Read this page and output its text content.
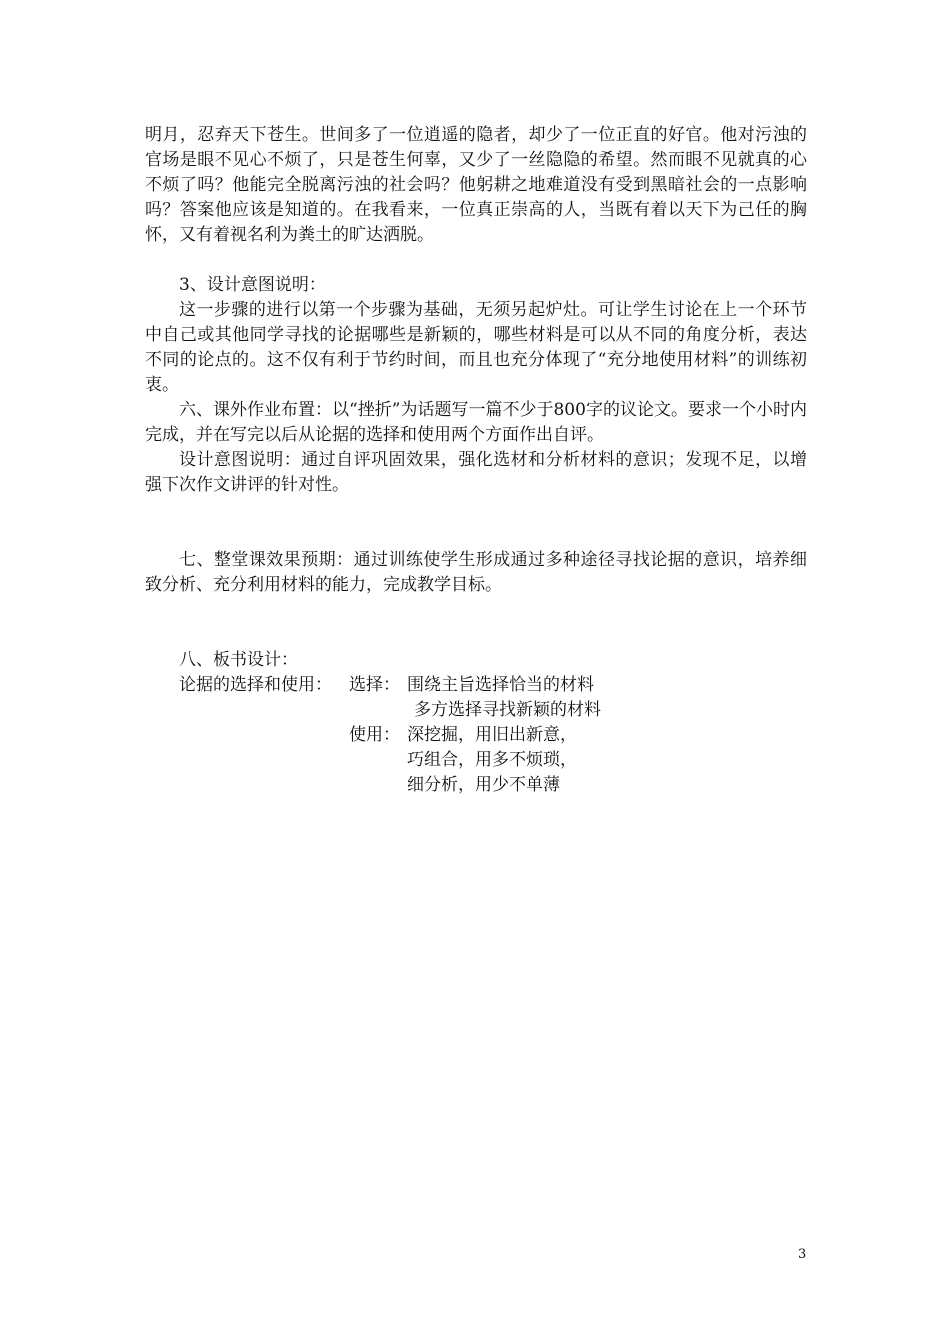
明月，忍弃天下苍生。世间多了一位逍遥的隐者，却少了一位正直的好官。他对污浊的官场是眼不见心不烦了，只是苍生何辜，又少了一丝隐隐的希望。然而眼不见就真的心不烦了吗？他能完全脱离污浊的社会吗？他躬耕之地难道没有受到黑暗社会的一点影响吗？答案他应该是知道的。在我看来，一位真正崇高的人，当既有着以天下为己任的胸怀，又有着视名利为粪土的旷达洒脱。

3、设计意图说明：

这一步骤的进行以第一个步骤为基础，无须另起炉灶。可让学生讨论在上一个环节中自己或其他同学寻找的论据哪些是新颖的，哪些材料是可以从不同的角度分析，表达不同的论点的。这不仅有利于节约时间，而且也充分体现了“充分地使用材料”的训练初衷。

六、课外作业布置：以“挫折”为话题写一篇不少于800字的议论文。要求一个小时内完成，并在写完以后从论据的选择和使用两个方面作出自评。

设计意图说明：通过自评巩固效果，强化选材和分析材料的意识；发现不足，以增强下次作文讲评的针对性。

七、整堂课效果预期：通过训练使学生形成通过多种途径寻找论据的意识，培养细致分析、充分利用材料的能力，完成教学目标。

八、板书设计：

论据的选择和使用： 选择： 围绕主旨选择恰当的材料
多方选择寻找新颖的材料
使用： 深挖掘，用旧出新意，
巧组合，用多不烦琐，
细分析，用少不单薄
3
